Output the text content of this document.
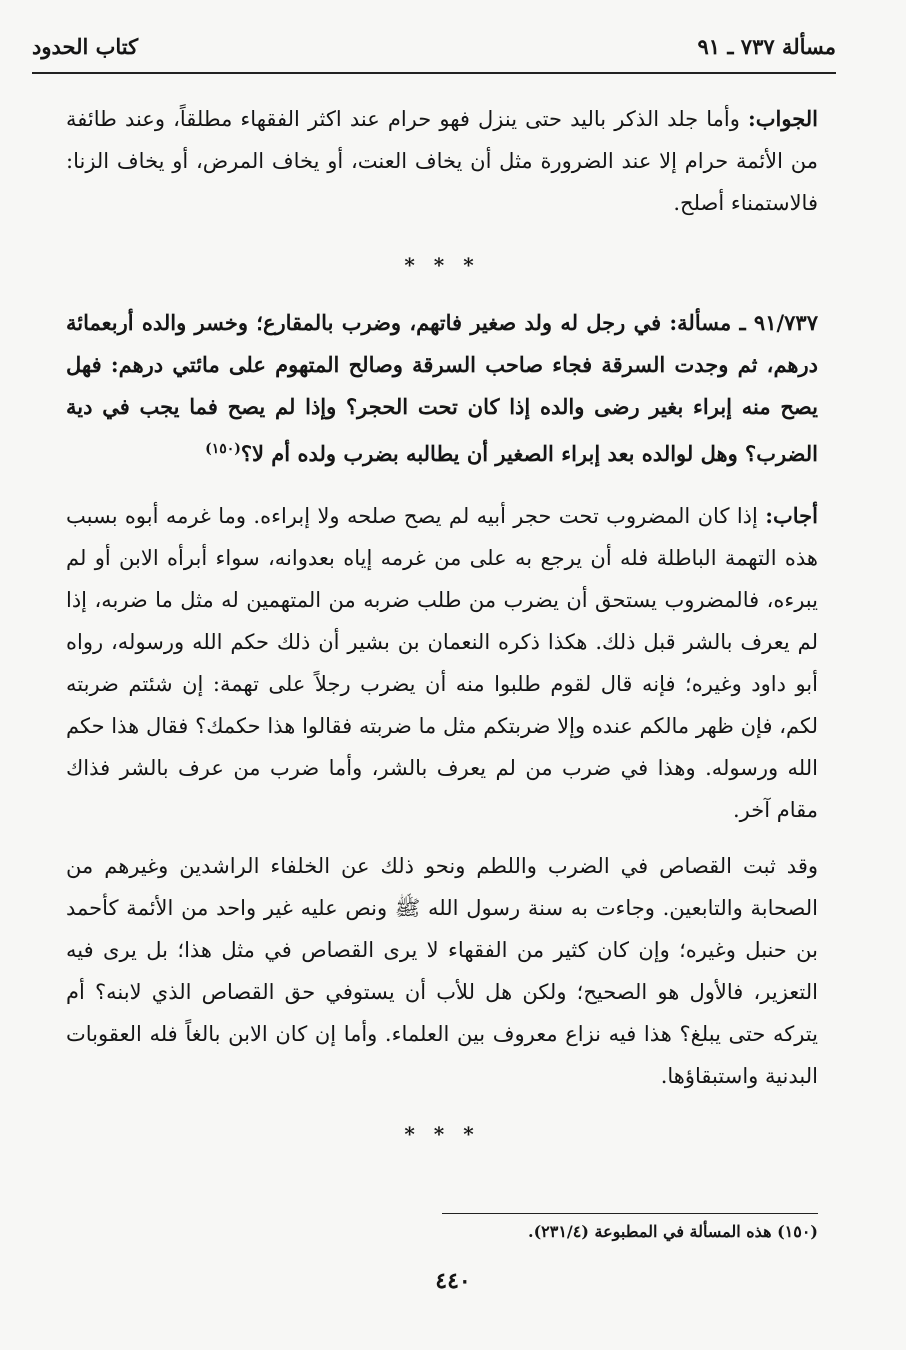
مسألة ٧٣٧ ـ ٩١
كتاب الحدود

الجواب: وأما جلد الذكر باليد حتى ينزل فهو حرام عند اكثر الفقهاء مطلقاً، وعند طائفة من الأئمة حرام إلا عند الضرورة مثل أن يخاف العنت، أو يخاف المرض، أو يخاف الزنا: فالاستمناء أصلح.

* * *

٩١/٧٣٧ ـ مسألة: في رجل له ولد صغير فاتهم، وضرب بالمقارع؛ وخسر والده أربعمائة درهم، ثم وجدت السرقة فجاء صاحب السرقة وصالح المتهوم على مائتي درهم: فهل يصح منه إبراء بغير رضى والده إذا كان تحت الحجر؟ وإذا لم يصح فما يجب في دية الضرب؟ وهل لوالده بعد إبراء الصغير أن يطالبه بضرب ولده أم لا؟$^{(١٥٠)}$

أجاب: إذا كان المضروب تحت حجر أبيه لم يصح صلحه ولا إبراءه. وما غرمه أبوه بسبب هذه التهمة الباطلة فله أن يرجع به على من غرمه إياه بعدوانه، سواء أبرأه الابن أو لم يبرءه، فالمضروب يستحق أن يضرب من طلب ضربه من المتهمين له مثل ما ضربه، إذا لم يعرف بالشر قبل ذلك. هكذا ذكره النعمان بن بشير أن ذلك حكم الله ورسوله، رواه أبو داود وغيره؛ فإنه قال لقوم طلبوا منه أن يضرب رجلاً على تهمة: إن شئتم ضربته لكم، فإن ظهر مالكم عنده وإلا ضربتكم مثل ما ضربته فقالوا هذا حكمك؟ فقال هذا حكم الله ورسوله. وهذا في ضرب من لم يعرف بالشر، وأما ضرب من عرف بالشر فذاك مقام آخر.

وقد ثبت القصاص في الضرب واللطم ونحو ذلك عن الخلفاء الراشدين وغيرهم من الصحابة والتابعين. وجاءت به سنة رسول الله ﷺ ونص عليه غير واحد من الأئمة كأحمد بن حنبل وغيره؛ وإن كان كثير من الفقهاء لا يرى القصاص في مثل هذا؛ بل يرى فيه التعزير، فالأول هو الصحيح؛ ولكن هل للأب أن يستوفي حق القصاص الذي لابنه؟ أم يتركه حتى يبلغ؟ هذا فيه نزاع معروف بين العلماء. وأما إن كان الابن بالغاً فله العقوبات البدنية واستبقاؤها.

* * *
(١٥٠) هذه المسألة في المطبوعة (٢٣١/٤).
٤٤٠
